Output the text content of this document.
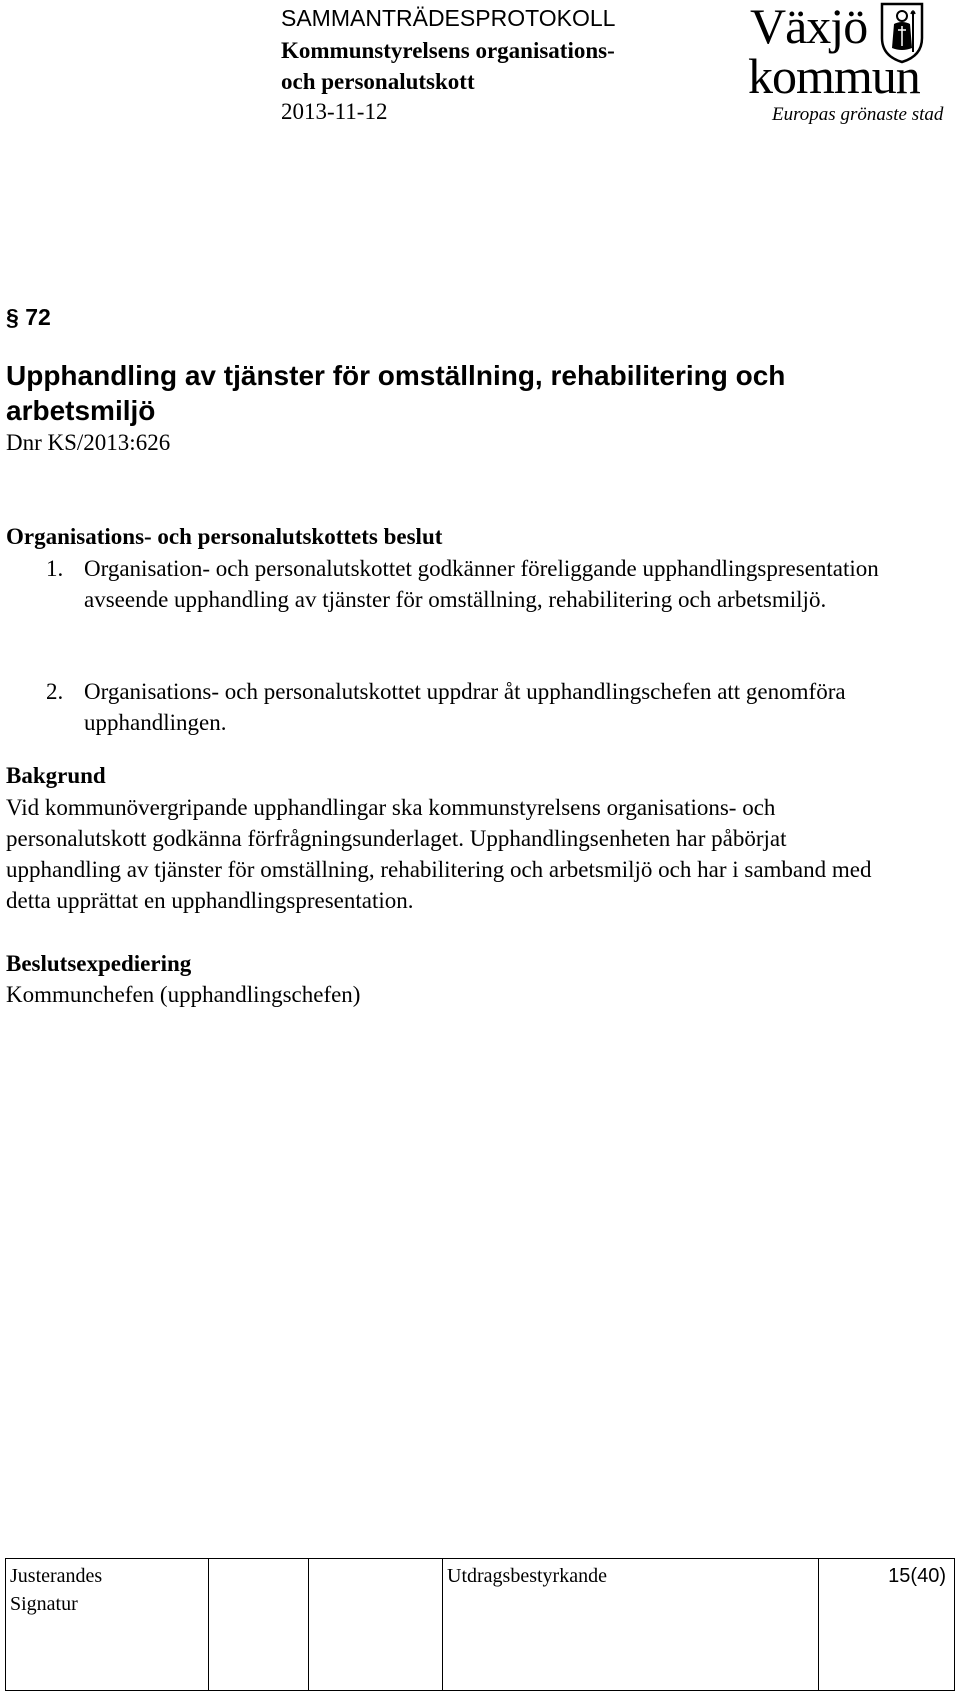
SAMMANTRÄDESPROTOKOLL
Kommunstyrelsens organisations-
och personalutskott
2013-11-12
Växjö
kommun
Europas grönaste stad
§ 72
Upphandling av tjänster för omställning, rehabilitering och arbetsmiljö
Dnr KS/2013:626
Organisations- och personalutskottets beslut
1. Organisation- och personalutskottet godkänner föreliggande upphandlingspresentation avseende upphandling av tjänster för omställning, rehabilitering och arbetsmiljö.
2. Organisations- och personalutskottet uppdrar åt upphandlingschefen att genomföra upphandlingen.
Bakgrund
Vid kommunövergripande upphandlingar ska kommunstyrelsens organisations- och personalutskott godkänna förfrågningsunderlaget. Upphandlingsenheten har påbörjat upphandling av tjänster för omställning, rehabilitering och arbetsmiljö och har i samband med detta upprättat en upphandlingspresentation.
Beslutsexpediering
Kommunchefen (upphandlingschefen)
Justerandes
Signatur

Utdragsbestyrkande	15(40)
